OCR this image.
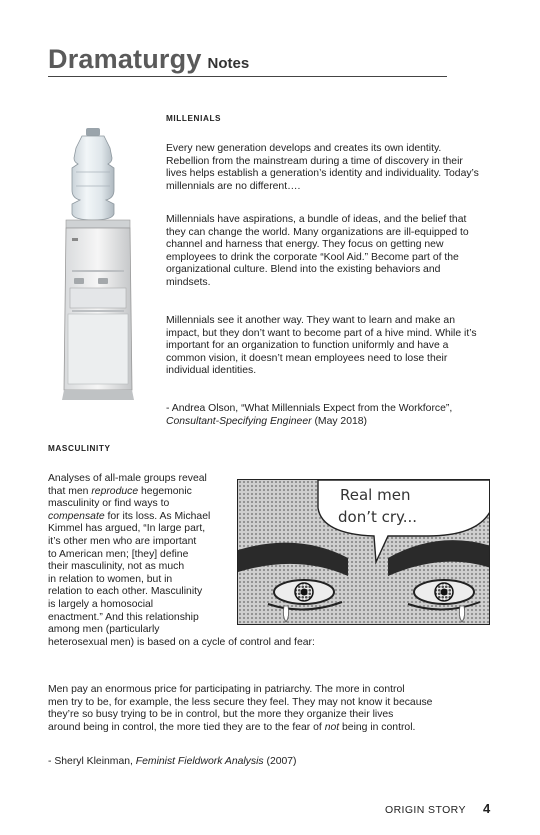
Dramaturgy Notes
MILLENIALS

Every new generation develops and creates its own identity. Rebellion from the mainstream during a time of discovery in their lives helps establish a generation’s identity and individuality. Today’s millennials are no different….

Millennials have aspirations, a bundle of ideas, and the belief that they can change the world. Many organizations are ill-equipped to channel and harness that energy. They focus on getting new employees to drink the corporate “Kool Aid.” Become part of the organizational culture. Blend into the existing behaviors and mindsets.

Millennials see it another way. They want to learn and make an impact, but they don’t want to become part of a hive mind. While it’s important for an organization to function uniformly and have a common vision, it doesn’t mean employees need to lose their individual identities.

- Andrea Olson, “What Millennials Expect from the Workforce”, Consultant-Specifying Engineer (May 2018)

MASCULINITY
Analyses of all-male groups reveal
that men reproduce hegemonic
masculinity or find ways to
compensate for its loss. As Michael
Kimmel has argued, “In large part,
it’s other men who are important
to American men; [they] define
their masculinity, not as much
in relation to women, but in
relation to each other. Masculinity
is largely a homosocial
enactment.” And this relationship
among men (particularly
heterosexual men) is based on a cycle of control and fear:
Real men
don’t cry...
Men pay an enormous price for participating in patriarchy. The more in control
men try to be, for example, the less secure they feel. They may not know it because
they’re so busy trying to be in control, but the more they organize their lives
around being in control, the more tied they are to the fear of not being in control.

- Sheryl Kleinman, Feminist Fieldwork Analysis (2007)

ORIGIN STORY 4
